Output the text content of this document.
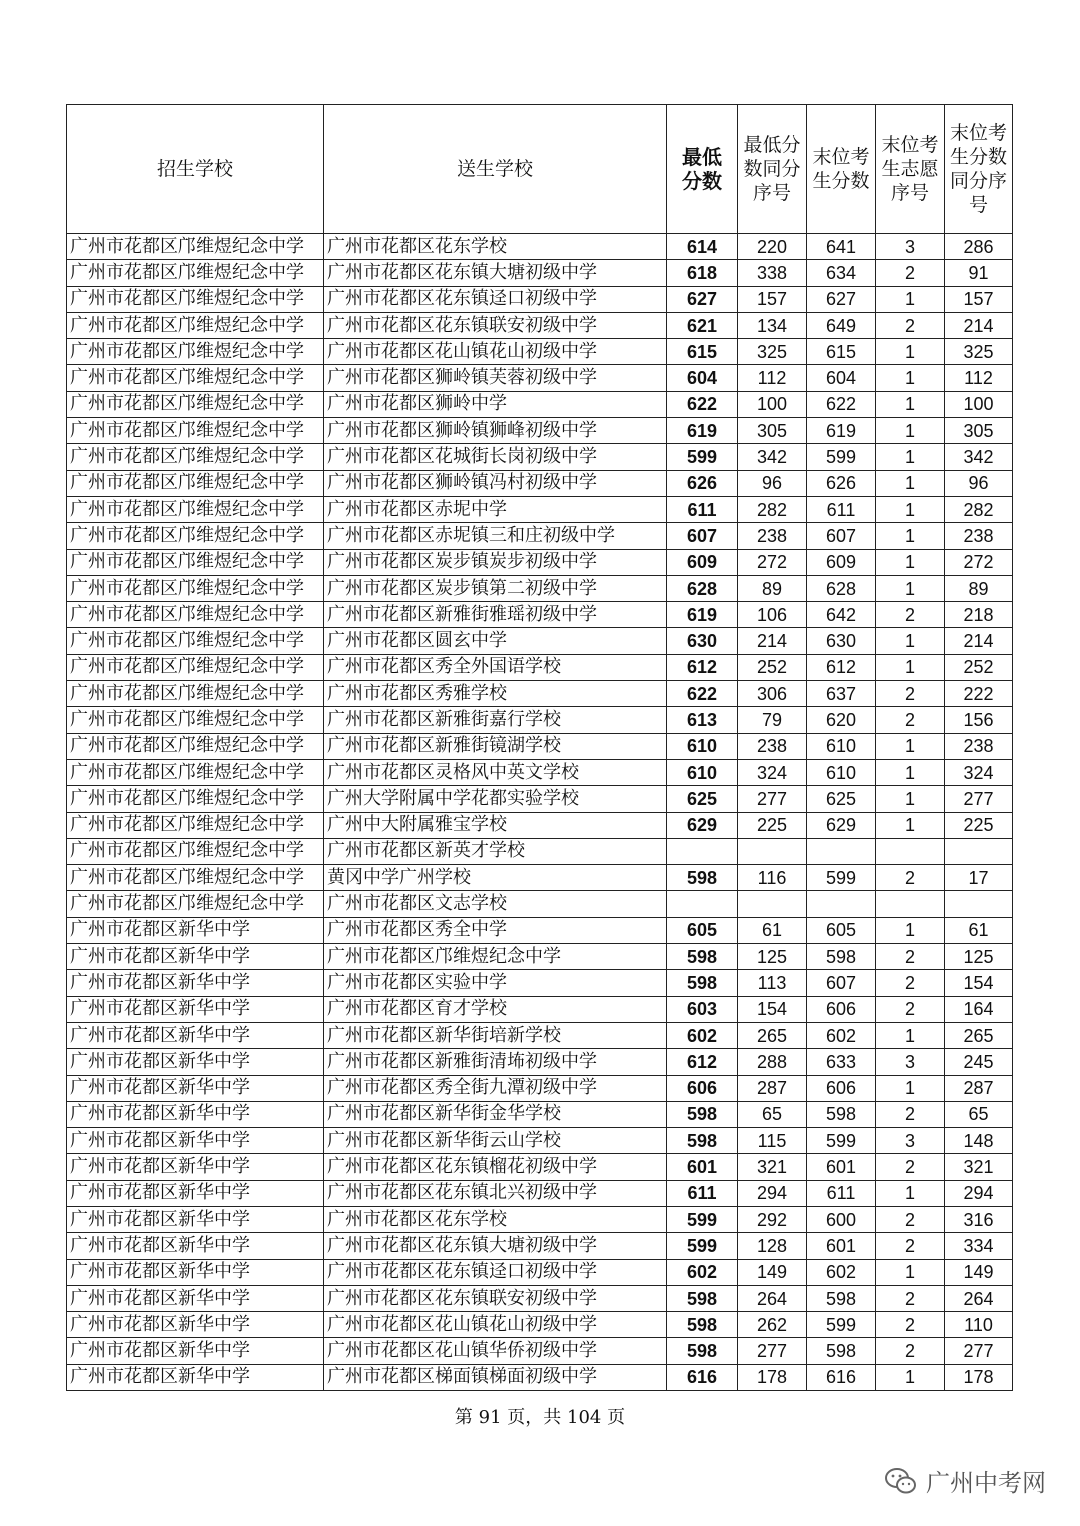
招生学校	送生学校	最低分数	最低分数同分序号	末位考生分数	末位考生志愿序号	末位考生分数同分序号
广州市花都区邝维煜纪念中学	广州市花都区花东学校	614	220	641	3	286
广州市花都区邝维煜纪念中学	广州市花都区花东镇大塘初级中学	618	338	634	2	91
广州市花都区邝维煜纪念中学	广州市花都区花东镇迳口初级中学	627	157	627	1	157
广州市花都区邝维煜纪念中学	广州市花都区花东镇联安初级中学	621	134	649	2	214
广州市花都区邝维煜纪念中学	广州市花都区花山镇花山初级中学	615	325	615	1	325
广州市花都区邝维煜纪念中学	广州市花都区狮岭镇芙蓉初级中学	604	112	604	1	112
广州市花都区邝维煜纪念中学	广州市花都区狮岭中学	622	100	622	1	100
广州市花都区邝维煜纪念中学	广州市花都区狮岭镇狮峰初级中学	619	305	619	1	305
广州市花都区邝维煜纪念中学	广州市花都区花城街长岗初级中学	599	342	599	1	342
广州市花都区邝维煜纪念中学	广州市花都区狮岭镇冯村初级中学	626	96	626	1	96
广州市花都区邝维煜纪念中学	广州市花都区赤坭中学	611	282	611	1	282
广州市花都区邝维煜纪念中学	广州市花都区赤坭镇三和庄初级中学	607	238	607	1	238
广州市花都区邝维煜纪念中学	广州市花都区炭步镇炭步初级中学	609	272	609	1	272
广州市花都区邝维煜纪念中学	广州市花都区炭步镇第二初级中学	628	89	628	1	89
广州市花都区邝维煜纪念中学	广州市花都区新雅街雅瑶初级中学	619	106	642	2	218
广州市花都区邝维煜纪念中学	广州市花都区圆玄中学	630	214	630	1	214
广州市花都区邝维煜纪念中学	广州市花都区秀全外国语学校	612	252	612	1	252
广州市花都区邝维煜纪念中学	广州市花都区秀雅学校	622	306	637	2	222
广州市花都区邝维煜纪念中学	广州市花都区新雅街嘉行学校	613	79	620	2	156
广州市花都区邝维煜纪念中学	广州市花都区新雅街镜湖学校	610	238	610	1	238
广州市花都区邝维煜纪念中学	广州市花都区灵格风中英文学校	610	324	610	1	324
广州市花都区邝维煜纪念中学	广州大学附属中学花都实验学校	625	277	625	1	277
广州市花都区邝维煜纪念中学	广州中大附属雅宝学校	629	225	629	1	225
广州市花都区邝维煜纪念中学	广州市花都区新英才学校					
广州市花都区邝维煜纪念中学	黄冈中学广州学校	598	116	599	2	17
广州市花都区邝维煜纪念中学	广州市花都区文志学校					
广州市花都区新华中学	广州市花都区秀全中学	605	61	605	1	61
广州市花都区新华中学	广州市花都区邝维煜纪念中学	598	125	598	2	125
广州市花都区新华中学	广州市花都区实验中学	598	113	607	2	154
广州市花都区新华中学	广州市花都区育才学校	603	154	606	2	164
广州市花都区新华中学	广州市花都区新华街培新学校	602	265	602	1	265
广州市花都区新华中学	广州市花都区新雅街清㘵初级中学	612	288	633	3	245
广州市花都区新华中学	广州市花都区秀全街九潭初级中学	606	287	606	1	287
广州市花都区新华中学	广州市花都区新华街金华学校	598	65	598	2	65
广州市花都区新华中学	广州市花都区新华街云山学校	598	115	599	3	148
广州市花都区新华中学	广州市花都区花东镇榴花初级中学	601	321	601	2	321
广州市花都区新华中学	广州市花都区花东镇北兴初级中学	611	294	611	1	294
广州市花都区新华中学	广州市花都区花东学校	599	292	600	2	316
广州市花都区新华中学	广州市花都区花东镇大塘初级中学	599	128	601	2	334
广州市花都区新华中学	广州市花都区花东镇迳口初级中学	602	149	602	1	149
广州市花都区新华中学	广州市花都区花东镇联安初级中学	598	264	598	2	264
广州市花都区新华中学	广州市花都区花山镇花山初级中学	598	262	599	2	110
广州市花都区新华中学	广州市花都区花山镇华侨初级中学	598	277	598	2	277
广州市花都区新华中学	广州市花都区梯面镇梯面初级中学	616	178	616	1	178
第 91 页，共 104 页
广州中考网
